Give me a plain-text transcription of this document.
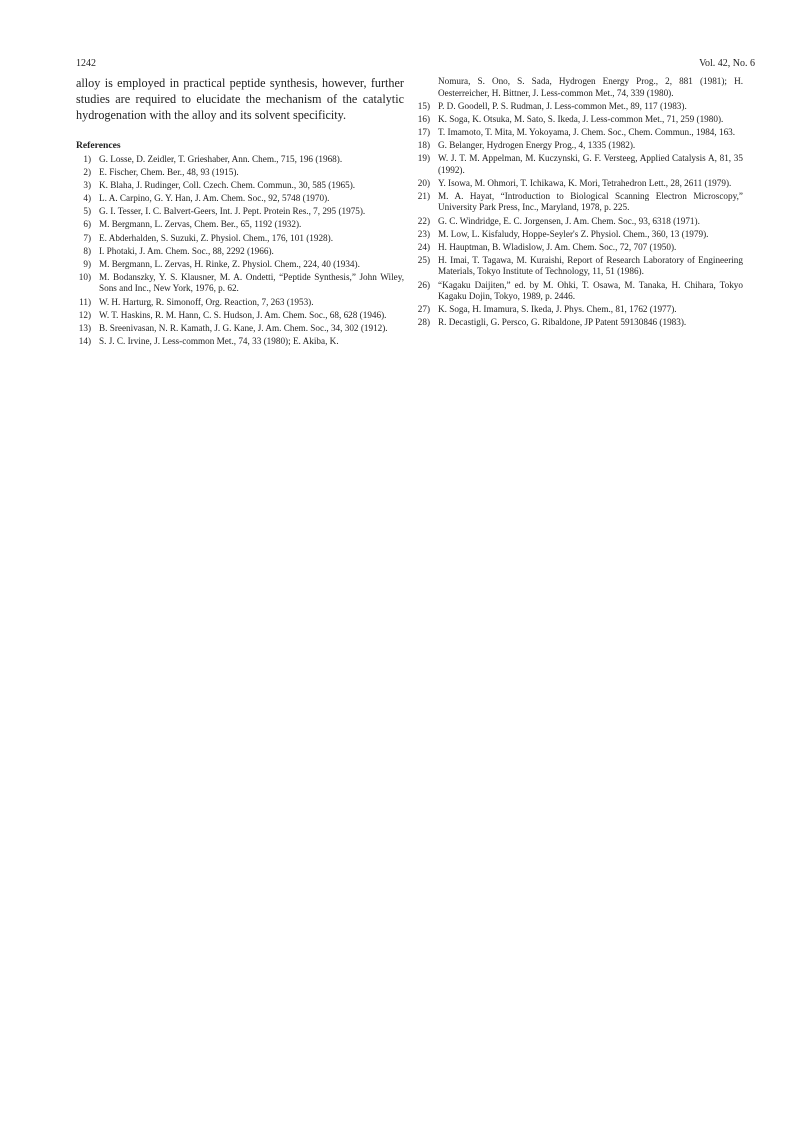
1242	Vol. 42, No. 6

alloy is employed in practical peptide synthesis, however, further studies are required to elucidate the mechanism of the catalytic hydrogenation with the alloy and its solvent specificity.

References
1) G. Losse, D. Zeidler, T. Grieshaber, Ann. Chem., 715, 196 (1968).
2) E. Fischer, Chem. Ber., 48, 93 (1915).
3) K. Blaha, J. Rudinger, Coll. Czech. Chem. Commun., 30, 585 (1965).
4) L. A. Carpino, G. Y. Han, J. Am. Chem. Soc., 92, 5748 (1970).
5) G. I. Tesser, I. C. Balvert-Geers, Int. J. Pept. Protein Res., 7, 295 (1975).
6) M. Bergmann, L. Zervas, Chem. Ber., 65, 1192 (1932).
7) E. Abderhalden, S. Suzuki, Z. Physiol. Chem., 176, 101 (1928).
8) I. Photaki, J. Am. Chem. Soc., 88, 2292 (1966).
9) M. Bergmann, L. Zervas, H. Rinke, Z. Physiol. Chem., 224, 40 (1934).
10) M. Bodanszky, Y. S. Klausner, M. A. Ondetti, “Peptide Synthesis,” John Wiley, Sons and Inc., New York, 1976, p. 62.
11) W. H. Harturg, R. Simonoff, Org. Reaction, 7, 263 (1953).
12) W. T. Haskins, R. M. Hann, C. S. Hudson, J. Am. Chem. Soc., 68, 628 (1946).
13) B. Sreenivasan, N. R. Kamath, J. G. Kane, J. Am. Chem. Soc., 34, 302 (1912).
14) S. J. C. Irvine, J. Less-common Met., 74, 33 (1980); E. Akiba, K.
Nomura, S. Ono, S. Sada, Hydrogen Energy Prog., 2, 881 (1981); H. Oesterreicher, H. Bittner, J. Less-common Met., 74, 339 (1980).
15) P. D. Goodell, P. S. Rudman, J. Less-common Met., 89, 117 (1983).
16) K. Soga, K. Otsuka, M. Sato, S. Ikeda, J. Less-common Met., 71, 259 (1980).
17) T. Imamoto, T. Mita, M. Yokoyama, J. Chem. Soc., Chem. Commun., 1984, 163.
18) G. Belanger, Hydrogen Energy Prog., 4, 1335 (1982).
19) W. J. T. M. Appelman, M. Kuczynski, G. F. Versteeg, Applied Catalysis A, 81, 35 (1992).
20) Y. Isowa, M. Ohmori, T. Ichikawa, K. Mori, Tetrahedron Lett., 28, 2611 (1979).
21) M. A. Hayat, “Introduction to Biological Scanning Electron Microscopy,” University Park Press, Inc., Maryland, 1978, p. 225.
22) G. C. Windridge, E. C. Jorgensen, J. Am. Chem. Soc., 93, 6318 (1971).
23) M. Low, L. Kisfaludy, Hoppe-Seyler's Z. Physiol. Chem., 360, 13 (1979).
24) H. Hauptman, B. Wladislow, J. Am. Chem. Soc., 72, 707 (1950).
25) H. Imai, T. Tagawa, M. Kuraishi, Report of Research Laboratory of Engineering Materials, Tokyo Institute of Technology, 11, 51 (1986).
26) “Kagaku Daijiten,” ed. by M. Ohki, T. Osawa, M. Tanaka, H. Chihara, Tokyo Kagaku Dojin, Tokyo, 1989, p. 2446.
27) K. Soga, H. Imamura, S. Ikeda, J. Phys. Chem., 81, 1762 (1977).
28) R. Decastigli, G. Persco, G. Ribaldone, JP Patent 59130846 (1983).
